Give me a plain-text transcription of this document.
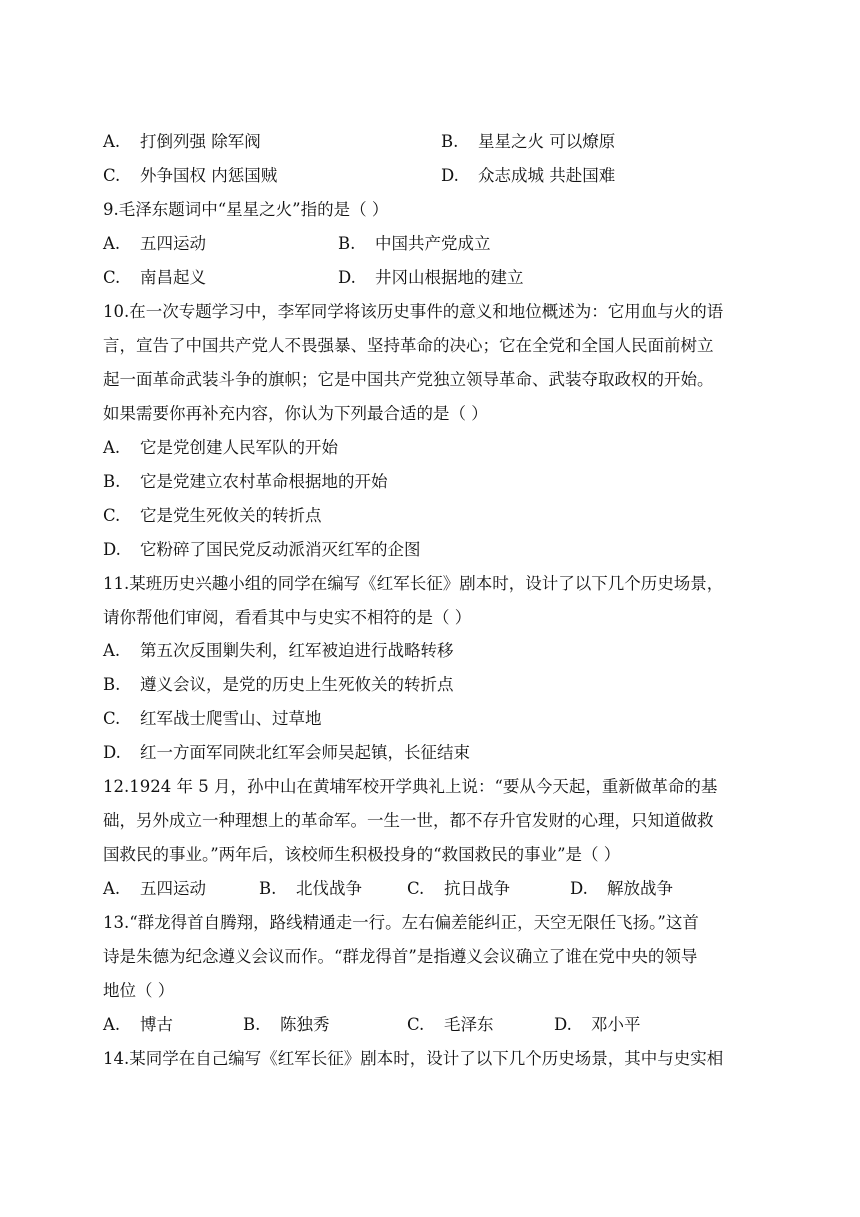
A. 打倒列强 除军阀	B. 星星之火 可以燎原
C. 外争国权 内惩国贼	D. 众志成城 共赴国难
9.毛泽东题词中“星星之火”指的是（ ）
A. 五四运动	B. 中国共产党成立
C. 南昌起义	D. 井冈山根据地的建立
10.在一次专题学习中，李军同学将该历史事件的意义和地位概述为：它用血与火的语
言，宣告了中国共产党人不畏强暴、坚持革命的决心；它在全党和全国人民面前树立
起一面革命武装斗争的旗帜；它是中国共产党独立领导革命、武装夺取政权的开始。
如果需要你再补充内容，你认为下列最合适的是（ ）
A. 它是党创建人民军队的开始
B. 它是党建立农村革命根据地的开始
C. 它是党生死攸关的转折点
D. 它粉碎了国民党反动派消灭红军的企图
11.某班历史兴趣小组的同学在编写《红军长征》剧本时，设计了以下几个历史场景，
请你帮他们审阅，看看其中与史实不相符的是（ ）
A. 第五次反围剿失利，红军被迫进行战略转移
B. 遵义会议，是党的历史上生死攸关的转折点
C. 红军战士爬雪山、过草地
D. 红一方面军同陕北红军会师吴起镇，长征结束
12.1924 年 5 月，孙中山在黄埔军校开学典礼上说：“要从今天起，重新做革命的基
础，另外成立一种理想上的革命军。一生一世，都不存升官发财的心理，只知道做救
国救民的事业。”两年后，该校师生积极投身的“救国救民的事业”是（ ）
A. 五四运动	B. 北伐战争	C. 抗日战争	D. 解放战争
13.“群龙得首自腾翔，路线精通走一行。左右偏差能纠正，天空无限任飞扬。”这首
诗是朱德为纪念遵义会议而作。“群龙得首”是指遵义会议确立了谁在党中央的领导
地位（ ）
A. 博古	B. 陈独秀	C. 毛泽东	D. 邓小平
14.某同学在自己编写《红军长征》剧本时，设计了以下几个历史场景，其中与史实相
